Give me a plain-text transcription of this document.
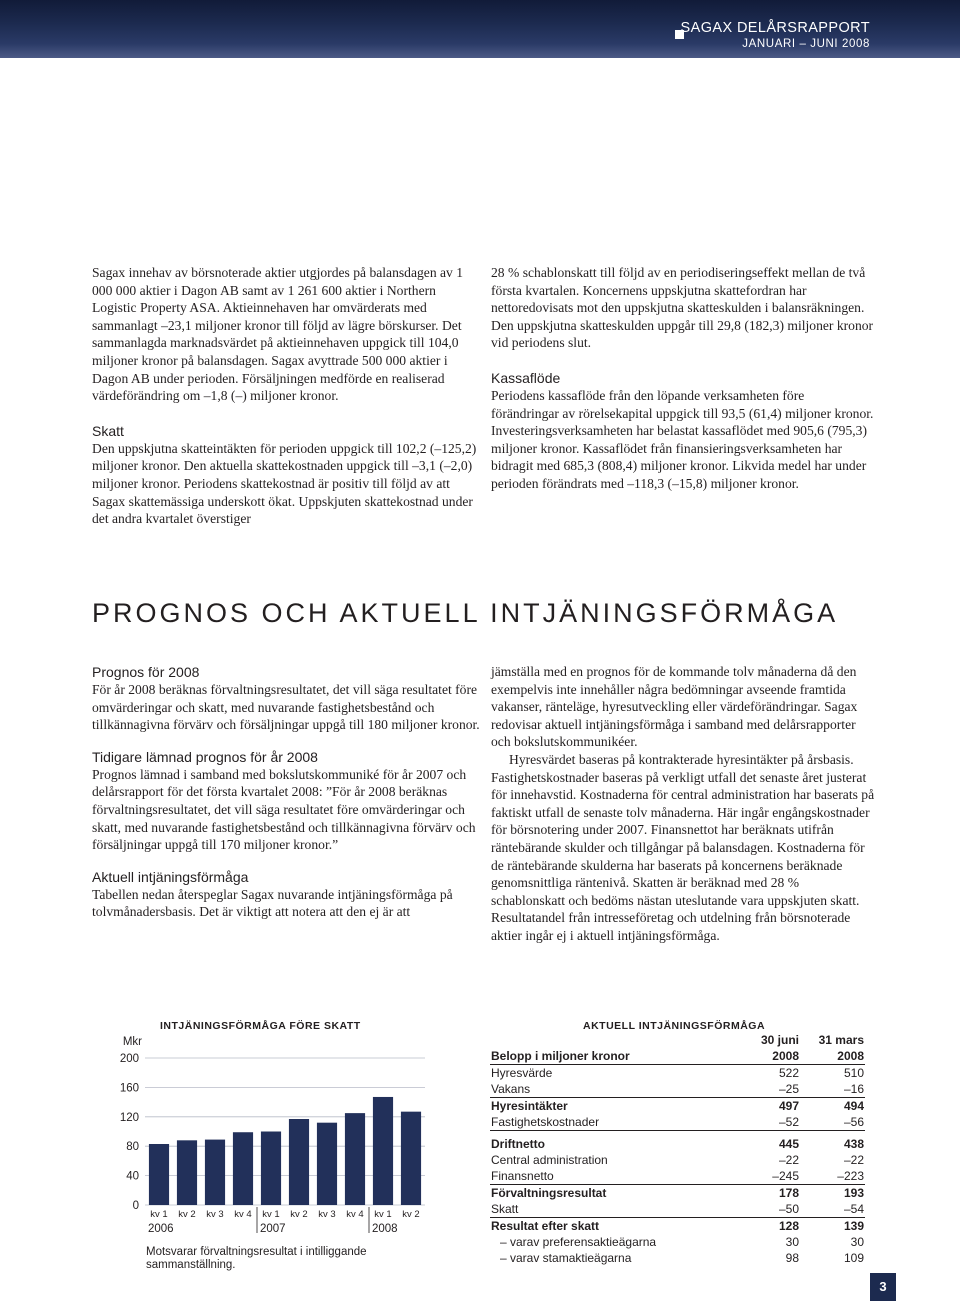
SAGAX DELÅRSRAPPORT
JANUARI – JUNI 2008

Sagax innehav av börsnoterade aktier utgjordes på balansdagen av 1 000 000 aktier i Dagon AB samt av 1 261 600 aktier i Northern Logistic Property ASA. Aktieinnehaven har omvärderats med sammanlagt –23,1 miljoner kronor till följd av lägre börskurser. Det sammanlagda marknadsvärdet på aktieinnehaven uppgick till 104,0 miljoner kronor på balansdagen. Sagax avyttrade 500 000 aktier i Dagon AB under perioden. Försäljningen medförde en realiserad värdeförändring om –1,8 (–) miljoner kronor.

Skatt

Den uppskjutna skatteintäkten för perioden uppgick till 102,2 (–125,2) miljoner kronor. Den aktuella skattekostnaden uppgick till –3,1 (–2,0) miljoner kronor. Periodens skattekostnad är positiv till följd av att Sagax skattemässiga underskott ökat. Uppskjuten skattekostnad under det andra kvartalet överstiger

28 % schablonskatt till följd av en periodiseringseffekt mellan de två första kvartalen. Koncernens uppskjutna skattefordran har nettoredovisats mot den uppskjutna skatteskulden i balansräkningen. Den uppskjutna skatteskulden uppgår till 29,8 (182,3) miljoner kronor vid periodens slut.

Kassaflöde

Periodens kassaflöde från den löpande verksamheten före förändringar av rörelsekapital uppgick till 93,5 (61,4) miljoner kronor. Investeringsverksamheten har belastat kassaflödet med 905,6 (795,3) miljoner kronor. Kassaflödet från finansieringsverksamheten har bidragit med 685,3 (808,4) miljoner kronor. Likvida medel har under perioden förändrats med –118,3 (–15,8) miljoner kronor.

PROGNOS OCH AKTUELL INTJÄNINGSFÖRMÅGA
Prognos för 2008

För år 2008 beräknas förvaltningsresultatet, det vill säga resultatet före omvärderingar och skatt, med nuvarande fastighetsbestånd och tillkännagivna förvärv och försäljningar uppgå till 180 miljoner kronor.

Tidigare lämnad prognos för år 2008

Prognos lämnad i samband med bokslutskommuniké för år 2007 och delårsrapport för det första kvartalet 2008: ”För år 2008 beräknas förvaltningsresultatet, det vill säga resultatet före omvärderingar och skatt, med nuvarande fastighetsbestånd och tillkännagivna förvärv och försäljningar uppgå till 170 miljoner kronor.”

Aktuell intjäningsförmåga

Tabellen nedan återspeglar Sagax nuvarande intjäningsförmåga på tolvmånadersbasis. Det är viktigt att notera att den ej är att

jämställa med en prognos för de kommande tolv månaderna då den exempelvis inte innehåller några bedömningar avseende framtida vakanser, ränteläge, hyresutveckling eller värdeförändringar. Sagax redovisar aktuell intjäningsförmåga i samband med delårsrapporter och bokslutskommunikéer.

Hyresvärdet baseras på kontrakterade hyresintäkter på årsbasis. Fastighetskostnader baseras på verkligt utfall det senaste året justerat för innehavstid. Kostnaderna för central administration har baserats på faktiskt utfall de senaste tolv månaderna. Här ingår engångskostnader för börsnotering under 2007. Finansnettot har beräknats utifrån räntebärande skulder och tillgångar på balansdagen. Kostnaderna för de räntebärande skulderna har baserats på koncernens beräknade genomsnittliga räntenivå. Skatten är beräknad med 28 % schablonskatt och bedöms nästan uteslutande vara uppskjuten skatt. Resultatandel från intresseföretag och utdelning från börsnoterade aktier ingår ej i aktuell intjäningsförmåga.

INTJÄNINGSFÖRMÅGA FÖRE SKATT
Mkr
0
40
80
120
160
200
kv 1 kv 2 kv 3 kv 4 kv 1 kv 2 kv 3 kv 4 kv 1 kv 2
2006	2007	2008
Motsvarar förvaltningsresultat i intilliggande sammanställning.
AKTUELL INTJÄNINGSFÖRMÅGA
	30 juni	31 mars
Belopp i miljoner kronor	2008	2008
Hyresvärde	522	510
Vakans	–25	–16
Hyresintäkter	497	494
Fastighetskostnader	–52	–56
Driftnetto	445	438
Central administration	–22	–22
Finansnetto	–245	–223
Förvaltningsresultat	178	193
Skatt	–50	–54
Resultat efter skatt	128	139
– varav preferensaktieägarna	30	30
– varav stamaktieägarna	98	109
3
